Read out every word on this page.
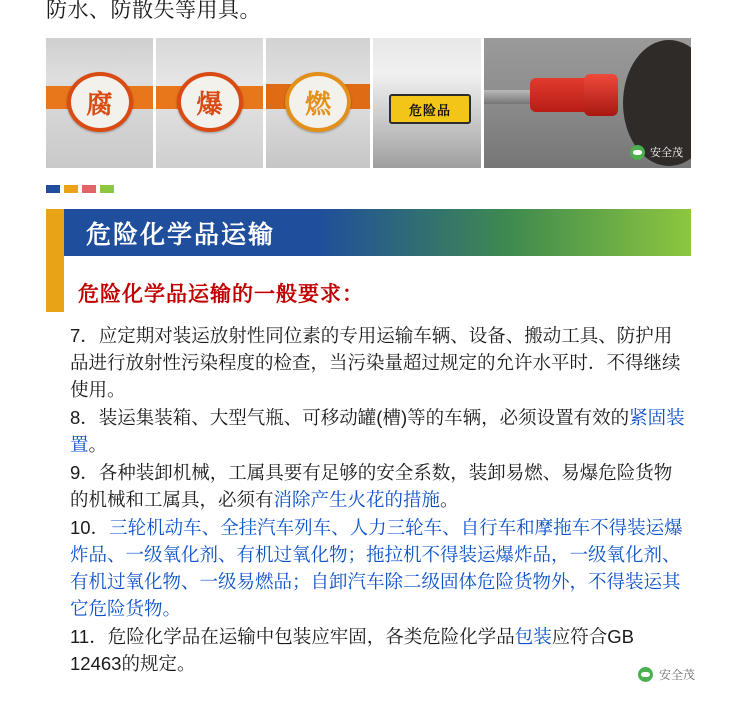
防水、防散失等用具。
腐	爆	燃	危险品
安全茂
危险化学品运输
危险化学品运输的一般要求：

7．应定期对装运放射性同位素的专用运输车辆、设备、搬动工具、防护用品进行放射性污染程度的检查，当污染量超过规定的允许水平时．不得继续使用。

8．装运集装箱、大型气瓶、可移动罐(槽)等的车辆，必须设置有效的紧固装置。

9．各种装卸机械，工属具要有足够的安全系数，装卸易燃、易爆危险货物的机械和工属具，必须有消除产生火花的措施。

10．三轮机动车、全挂汽车列车、人力三轮车、自行车和摩拖车不得装运爆炸品、一级氧化剂、有机过氧化物；拖拉机不得装运爆炸品，一级氧化剂、有机过氧化物、一级易燃品；自卸汽车除二级固体危险货物外，不得装运其它危险货物。

11．危险化学品在运输中包装应牢固，各类危险化学品包装应符合GB 12463的规定。

安全茂
